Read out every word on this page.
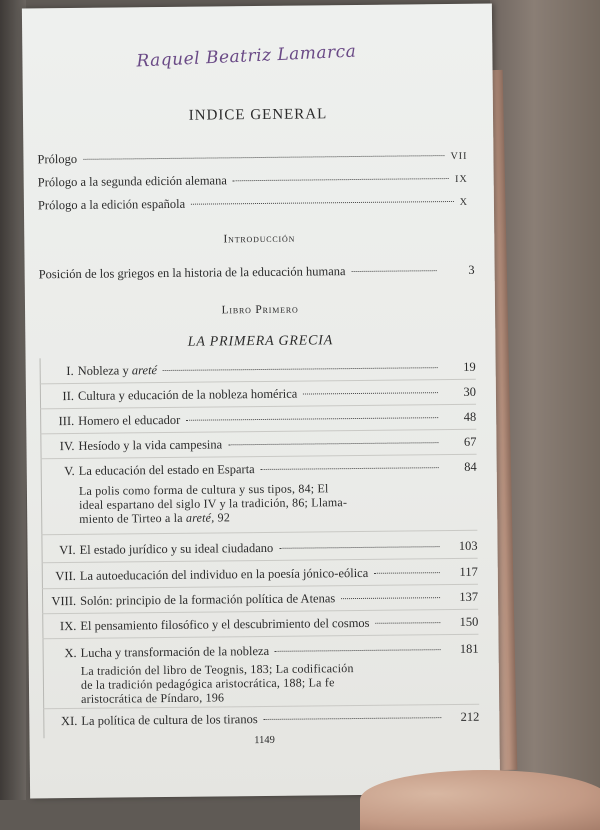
Raquel Beatriz Lamarca
INDICE GENERAL
Prólogo	VII
Prólogo a la segunda edición alemana	IX
Prólogo a la edición española	X
Introducción
Posición de los griegos en la historia de la educación humana	3
Libro Primero
LA PRIMERA GRECIA
I. Nobleza y areté	19
II. Cultura y educación de la nobleza homérica	30
III. Homero el educador	48
IV. Hesíodo y la vida campesina	67
V. La educación del estado en Esparta	84
La polis como forma de cultura y sus tipos, 84; El
ideal espartano del siglo IV y la tradición, 86; Llama-
miento de Tirteo a la areté, 92
VI. El estado jurídico y su ideal ciudadano	103
VII. La autoeducación del individuo en la poesía jónico-eólica	117
VIII. Solón: principio de la formación política de Atenas	137
IX. El pensamiento filosófico y el descubrimiento del cosmos	150
X. Lucha y transformación de la nobleza	181
La tradición del libro de Teognis, 183; La codificación
de la tradición pedagógica aristocrática, 188; La fe
aristocrática de Píndaro, 196
XI. La política de cultura de los tiranos	212
1149
